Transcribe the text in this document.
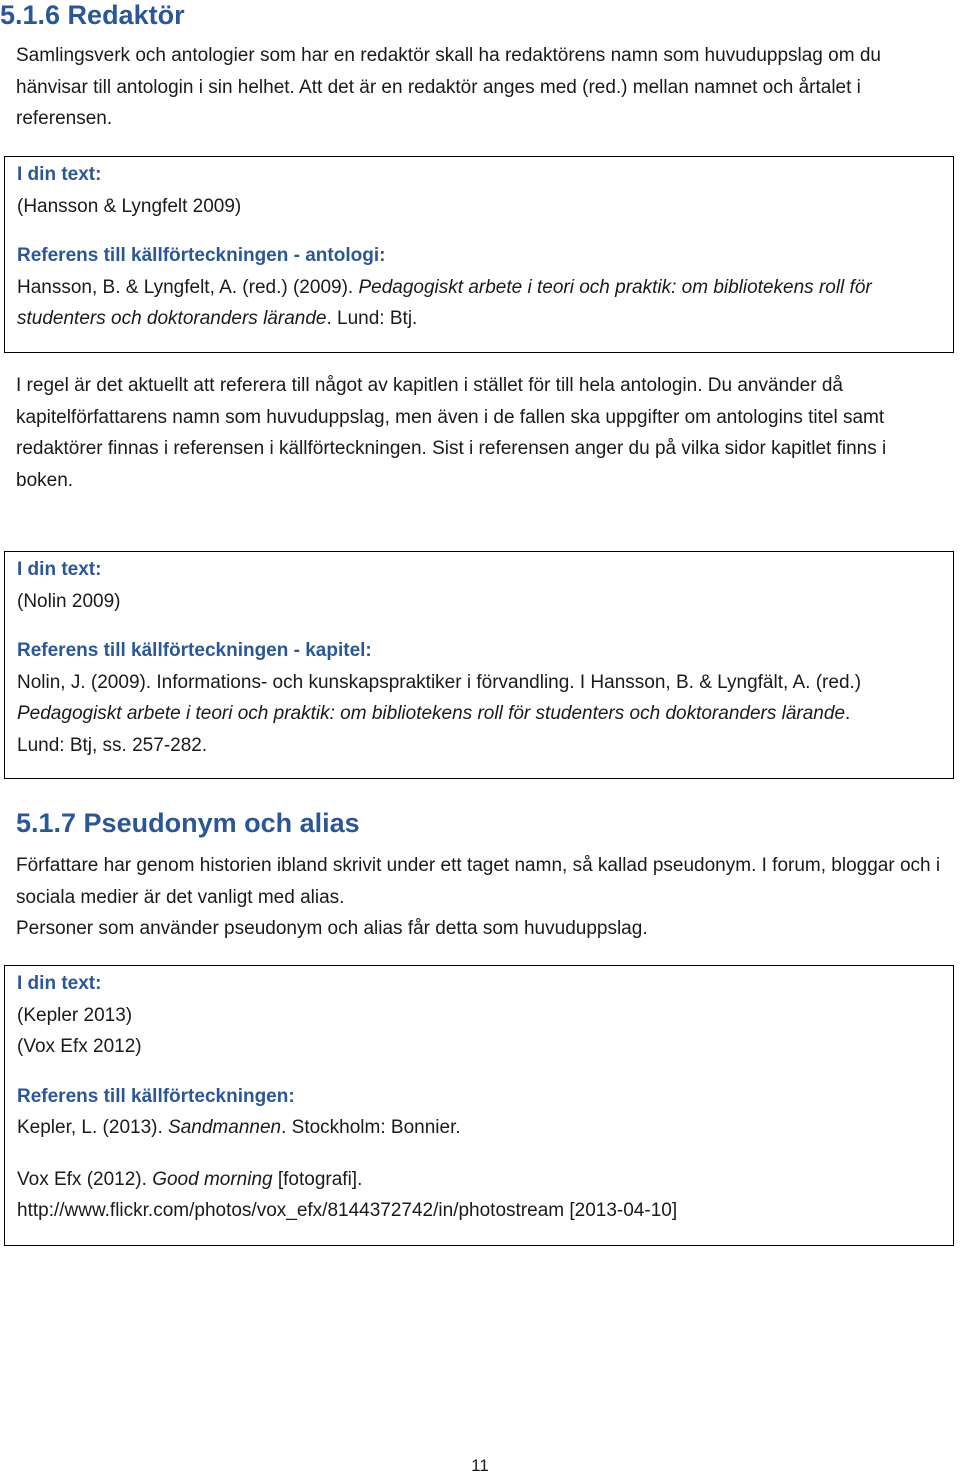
5.1.6 Redaktör

Samlingsverk och antologier som har en redaktör skall ha redaktörens namn som huvuduppslag om du hänvisar till antologin i sin helhet. Att det är en redaktör anges med (red.) mellan namnet och årtalet i referensen.

I din text:
(Hansson & Lyngfelt 2009)
Referens till källförteckningen - antologi:
Hansson, B. & Lyngfelt, A. (red.) (2009). Pedagogiskt arbete i teori och praktik: om bibliotekens roll för studenters och doktoranders lärande. Lund: Btj.

I regel är det aktuellt att referera till något av kapitlen i stället för till hela antologin. Du använder då kapitelförfattarens namn som huvuduppslag, men även i de fallen ska uppgifter om antologins titel samt redaktörer finnas i referensen i källförteckningen. Sist i referensen anger du på vilka sidor kapitlet finns i boken.

I din text:
(Nolin 2009)
Referens till källförteckningen - kapitel:
Nolin, J. (2009). Informations- och kunskapspraktiker i förvandling. I Hansson, B. & Lyngfält, A. (red.)
Pedagogiskt arbete i teori och praktik: om bibliotekens roll för studenters och doktoranders lärande.
Lund: Btj, ss. 257-282.
5.1.7 Pseudonym och alias

Författare har genom historien ibland skrivit under ett taget namn, så kallad pseudonym. I forum, bloggar och i sociala medier är det vanligt med alias.

Personer som använder pseudonym och alias får detta som huvuduppslag.

I din text:
(Kepler 2013)
(Vox Efx 2012)
Referens till källförteckningen:
Kepler, L. (2013). Sandmannen. Stockholm: Bonnier.
Vox Efx (2012). Good morning [fotografi].
http://www.flickr.com/photos/vox_efx/8144372742/in/photostream [2013-04-10]
11
